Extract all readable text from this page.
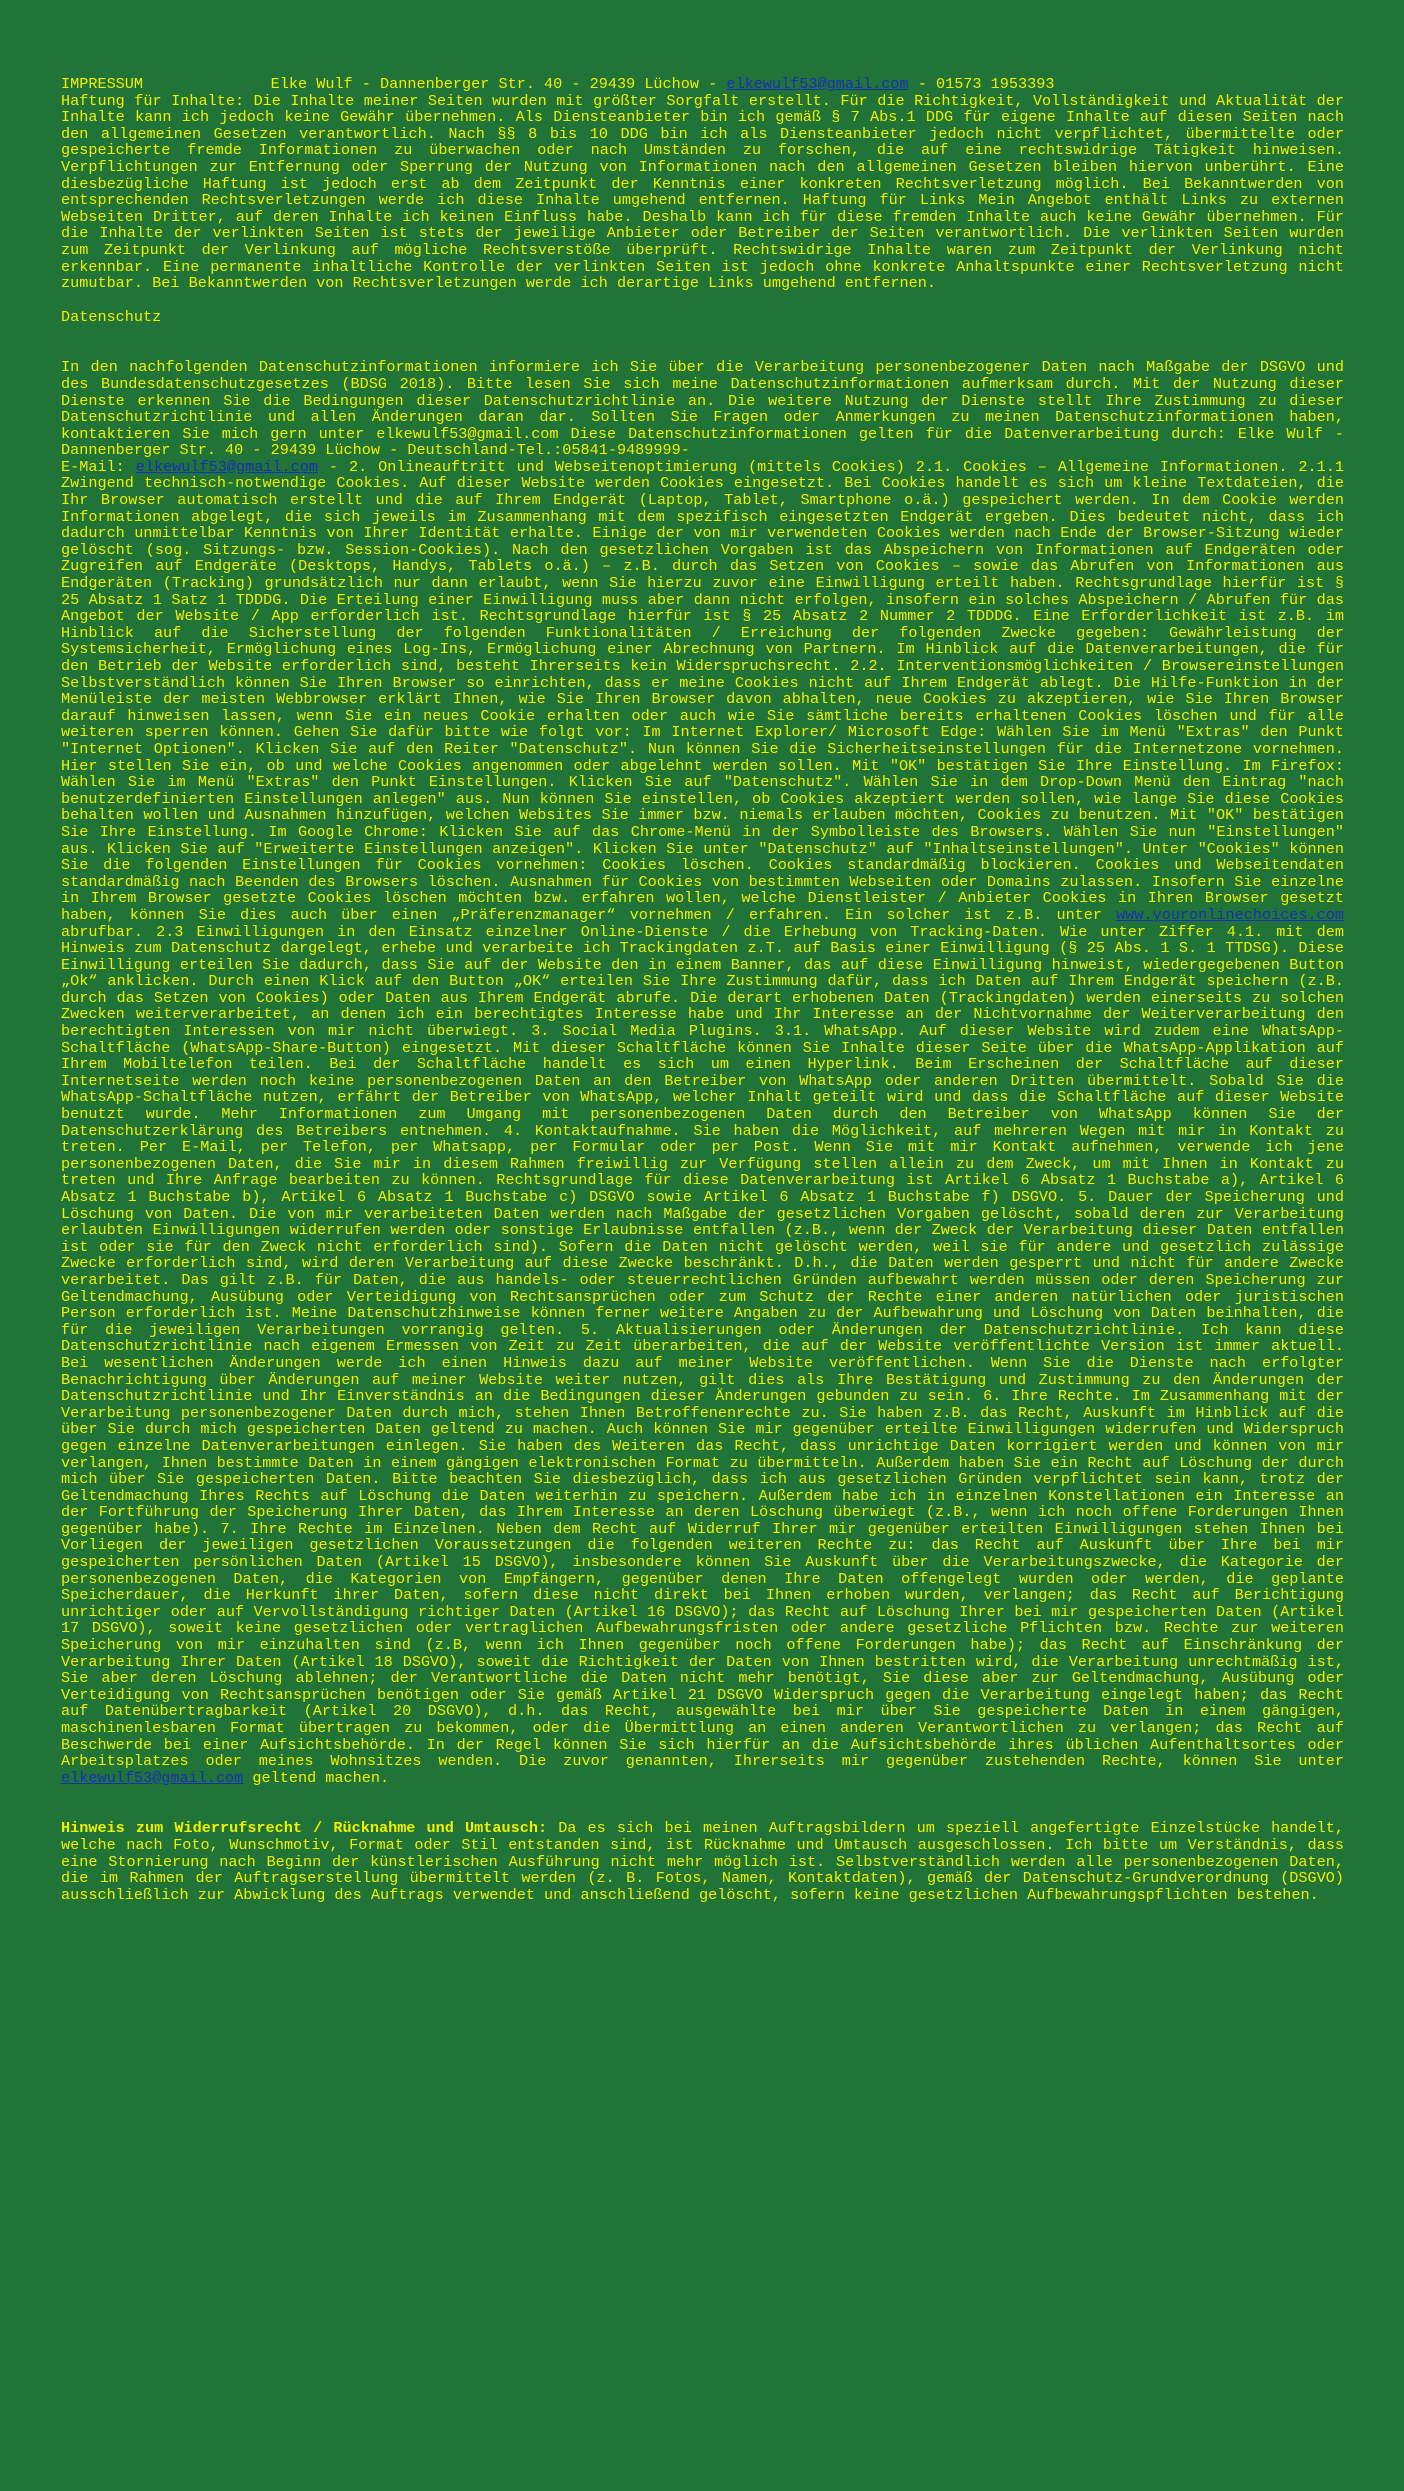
IMPRESSUM	Elke Wulf - Dannenberger Str. 40 - 29439 Lüchow - elkewulf53@gmail.com - 01573 1953393

Haftung für Inhalte: Die Inhalte meiner Seiten wurden mit größter Sorgfalt erstellt. Für die Richtigkeit, Vollständigkeit und Aktualität der Inhalte kann ich jedoch keine Gewähr übernehmen. Als Diensteanbieter bin ich gemäß § 7 Abs.1 DDG für eigene Inhalte auf diesen Seiten nach den allgemeinen Gesetzen verantwortlich. Nach §§ 8 bis 10 DDG bin ich als Diensteanbieter jedoch nicht verpflichtet, übermittelte oder gespeicherte fremde Informationen zu überwachen oder nach Umständen zu forschen, die auf eine rechtswidrige Tätigkeit hinweisen. Verpflichtungen zur Entfernung oder Sperrung der Nutzung von Informationen nach den allgemeinen Gesetzen bleiben hiervon unberührt. Eine diesbezügliche Haftung ist jedoch erst ab dem Zeitpunkt der Kenntnis einer konkreten Rechtsverletzung möglich. Bei Bekanntwerden von entsprechenden Rechtsverletzungen werde ich diese Inhalte umgehend entfernen. Haftung für Links Mein Angebot enthält Links zu externen Webseiten Dritter, auf deren Inhalte ich keinen Einfluss habe. Deshalb kann ich für diese fremden Inhalte auch keine Gewähr übernehmen. Für die Inhalte der verlinkten Seiten ist stets der jeweilige Anbieter oder Betreiber der Seiten verantwortlich. Die verlinkten Seiten wurden zum Zeitpunkt der Verlinkung auf mögliche Rechtsverstöße überprüft. Rechtswidrige Inhalte waren zum Zeitpunkt der Verlinkung nicht erkennbar. Eine permanente inhaltliche Kontrolle der verlinkten Seiten ist jedoch ohne konkrete Anhaltspunkte einer Rechtsverletzung nicht zumutbar. Bei Bekanntwerden von Rechtsverletzungen werde ich derartige Links umgehend entfernen.

Datenschutz

In den nachfolgenden Datenschutzinformationen informiere ich Sie über die Verarbeitung personenbezogener Daten nach Maßgabe der DSGVO und des Bundesdatenschutzgesetzes (BDSG 2018). Bitte lesen Sie sich meine Datenschutzinformationen aufmerksam durch. Mit der Nutzung dieser Dienste erkennen Sie die Bedingungen dieser Datenschutzrichtlinie an. Die weitere Nutzung der Dienste stellt Ihre Zustimmung zu dieser Datenschutzrichtlinie und allen Änderungen daran dar. Sollten Sie Fragen oder Anmerkungen zu meinen Datenschutzinformationen haben, kontaktieren Sie mich gern unter elkewulf53@gmail.com Diese Datenschutzinformationen gelten für die Datenverarbeitung durch: Elke Wulf - Dannenberger Str. 40 - 29439 Lüchow - Deutschland-Tel.:05841-9489999-

E-Mail: elkewulf53@gmail.com - 2. Onlineauftritt und Webseitenoptimierung (mittels Cookies) 2.1. Cookies – Allgemeine Informationen. 2.1.1 Zwingend technisch-notwendige Cookies. Auf dieser Website werden Cookies eingesetzt. Bei Cookies handelt es sich um kleine Textdateien, die Ihr Browser automatisch erstellt und die auf Ihrem Endgerät (Laptop, Tablet, Smartphone o.ä.) gespeichert werden. In dem Cookie werden Informationen abgelegt, die sich jeweils im Zusammenhang mit dem spezifisch eingesetzten Endgerät ergeben. Dies bedeutet nicht, dass ich dadurch unmittelbar Kenntnis von Ihrer Identität erhalte. Einige der von mir verwendeten Cookies werden nach Ende der Browser-Sitzung wieder gelöscht (sog. Sitzungs- bzw. Session-Cookies). Nach den gesetzlichen Vorgaben ist das Abspeichern von Informationen auf Endgeräten oder Zugreifen auf Endgeräte (Desktops, Handys, Tablets o.ä.) – z.B. durch das Setzen von Cookies – sowie das Abrufen von Informationen aus Endgeräten (Tracking) grundsätzlich nur dann erlaubt, wenn Sie hierzu zuvor eine Einwilligung erteilt haben. Rechtsgrundlage hierfür ist § 25 Absatz 1 Satz 1 TDDDG. Die Erteilung einer Einwilligung muss aber dann nicht erfolgen, insofern ein solches Abspeichern / Abrufen für das Angebot der Website / App erforderlich ist. Rechtsgrundlage hierfür ist § 25 Absatz 2 Nummer 2 TDDDG. Eine Erforderlichkeit ist z.B. im Hinblick auf die Sicherstellung der folgenden Funktionalitäten / Erreichung der folgenden Zwecke gegeben: Gewährleistung der Systemsicherheit, Ermöglichung eines Log-Ins, Ermöglichung einer Abrechnung von Partnern. Im Hinblick auf die Datenverarbeitungen, die für den Betrieb der Website erforderlich sind, besteht Ihrerseits kein Widerspruchsrecht. 2.2. Interventionsmöglichkeiten / Browsereinstellungen Selbstverständlich können Sie Ihren Browser so einrichten, dass er meine Cookies nicht auf Ihrem Endgerät ablegt. Die Hilfe-Funktion in der Menüleiste der meisten Webbrowser erklärt Ihnen, wie Sie Ihren Browser davon abhalten, neue Cookies zu akzeptieren, wie Sie Ihren Browser darauf hinweisen lassen, wenn Sie ein neues Cookie erhalten oder auch wie Sie sämtliche bereits erhaltenen Cookies löschen und für alle weiteren sperren können. Gehen Sie dafür bitte wie folgt vor: Im Internet Explorer/ Microsoft Edge: Wählen Sie im Menü "Extras" den Punkt "Internet Optionen". Klicken Sie auf den Reiter "Datenschutz". Nun können Sie die Sicherheitseinstellungen für die Internetzone vornehmen. Hier stellen Sie ein, ob und welche Cookies angenommen oder abgelehnt werden sollen. Mit "OK" bestätigen Sie Ihre Einstellung. Im Firefox: Wählen Sie im Menü "Extras" den Punkt Einstellungen. Klicken Sie auf "Datenschutz". Wählen Sie in dem Drop-Down Menü den Eintrag "nach benutzerdefinierten Einstellungen anlegen" aus. Nun können Sie einstellen, ob Cookies akzeptiert werden sollen, wie lange Sie diese Cookies behalten wollen und Ausnahmen hinzufügen, welchen Websites Sie immer bzw. niemals erlauben möchten, Cookies zu benutzen. Mit "OK" bestätigen Sie Ihre Einstellung. Im Google Chrome: Klicken Sie auf das Chrome-Menü in der Symbolleiste des Browsers. Wählen Sie nun "Einstellungen" aus. Klicken Sie auf "Erweiterte Einstellungen anzeigen". Klicken Sie unter "Datenschutz" auf "Inhaltseinstellungen". Unter "Cookies" können Sie die folgenden Einstellungen für Cookies vornehmen: Cookies löschen. Cookies standardmäßig blockieren. Cookies und Webseitendaten standardmäßig nach Beenden des Browsers löschen. Ausnahmen für Cookies von bestimmten Webseiten oder Domains zulassen. Insofern Sie einzelne in Ihrem Browser gesetzte Cookies löschen möchten bzw. erfahren wollen, welche Dienstleister / Anbieter Cookies in Ihren Browser gesetzt haben, können Sie dies auch über einen „Präferenzmanager“ vornehmen / erfahren. Ein solcher ist z.B. unter www.youronlinechoices.com abrufbar. 2.3 Einwilligungen in den Einsatz einzelner Online-Dienste / die Erhebung von Tracking-Daten. Wie unter Ziffer 4.1. mit dem Hinweis zum Datenschutz dargelegt, erhebe und verarbeite ich Trackingdaten z.T. auf Basis einer Einwilligung (§ 25 Abs. 1 S. 1 TTDSG). Diese Einwilligung erteilen Sie dadurch, dass Sie auf der Website den in einem Banner, das auf diese Einwilligung hinweist, wiedergegebenen Button „Ok“ anklicken. Durch einen Klick auf den Button „OK“ erteilen Sie Ihre Zustimmung dafür, dass ich Daten auf Ihrem Endgerät speichern (z.B. durch das Setzen von Cookies) oder Daten aus Ihrem Endgerät abrufe. Die derart erhobenen Daten (Trackingdaten) werden einerseits zu solchen Zwecken weiterverarbeitet, an denen ich ein berechtigtes Interesse habe und Ihr Interesse an der Nichtvornahme der Weiterverarbeitung den berechtigten Interessen von mir nicht überwiegt. 3. Social Media Plugins. 3.1. WhatsApp. Auf dieser Website wird zudem eine WhatsApp-Schaltfläche (WhatsApp-Share-Button) eingesetzt. Mit dieser Schaltfläche können Sie Inhalte dieser Seite über die WhatsApp-Applikation auf Ihrem Mobiltelefon teilen. Bei der Schaltfläche handelt es sich um einen Hyperlink. Beim Erscheinen der Schaltfläche auf dieser Internetseite werden noch keine personenbezogenen Daten an den Betreiber von WhatsApp oder anderen Dritten übermittelt. Sobald Sie die WhatsApp-Schaltfläche nutzen, erfährt der Betreiber von WhatsApp, welcher Inhalt geteilt wird und dass die Schaltfläche auf dieser Website benutzt wurde. Mehr Informationen zum Umgang mit personenbezogenen Daten durch den Betreiber von WhatsApp können Sie der Datenschutzerklärung des Betreibers entnehmen. 4. Kontaktaufnahme. Sie haben die Möglichkeit, auf mehreren Wegen mit mir in Kontakt zu treten. Per E-Mail, per Telefon, per Whatsapp, per Formular oder per Post. Wenn Sie mit mir Kontakt aufnehmen, verwende ich jene personenbezogenen Daten, die Sie mir in diesem Rahmen freiwillig zur Verfügung stellen allein zu dem Zweck, um mit Ihnen in Kontakt zu treten und Ihre Anfrage bearbeiten zu können. Rechtsgrundlage für diese Datenverarbeitung ist Artikel 6 Absatz 1 Buchstabe a), Artikel 6 Absatz 1 Buchstabe b), Artikel 6 Absatz 1 Buchstabe c) DSGVO sowie Artikel 6 Absatz 1 Buchstabe f) DSGVO. 5. Dauer der Speicherung und Löschung von Daten. Die von mir verarbeiteten Daten werden nach Maßgabe der gesetzlichen Vorgaben gelöscht, sobald deren zur Verarbeitung erlaubten Einwilligungen widerrufen werden oder sonstige Erlaubnisse entfallen (z.B., wenn der Zweck der Verarbeitung dieser Daten entfallen ist oder sie für den Zweck nicht erforderlich sind). Sofern die Daten nicht gelöscht werden, weil sie für andere und gesetzlich zulässige Zwecke erforderlich sind, wird deren Verarbeitung auf diese Zwecke beschränkt. D.h., die Daten werden gesperrt und nicht für andere Zwecke verarbeitet. Das gilt z.B. für Daten, die aus handels- oder steuerrechtlichen Gründen aufbewahrt werden müssen oder deren Speicherung zur Geltendmachung, Ausübung oder Verteidigung von Rechtsansprüchen oder zum Schutz der Rechte einer anderen natürlichen oder juristischen Person erforderlich ist. Meine Datenschutzhinweise können ferner weitere Angaben zu der Aufbewahrung und Löschung von Daten beinhalten, die für die jeweiligen Verarbeitungen vorrangig gelten. 5. Aktualisierungen oder Änderungen der Datenschutzrichtlinie. Ich kann diese Datenschutzrichtlinie nach eigenem Ermessen von Zeit zu Zeit überarbeiten, die auf der Website veröffentlichte Version ist immer aktuell. Bei wesentlichen Änderungen werde ich einen Hinweis dazu auf meiner Website veröffentlichen. Wenn Sie die Dienste nach erfolgter Benachrichtigung über Änderungen auf meiner Website weiter nutzen, gilt dies als Ihre Bestätigung und Zustimmung zu den Änderungen der Datenschutzrichtlinie und Ihr Einverständnis an die Bedingungen dieser Änderungen gebunden zu sein. 6. Ihre Rechte. Im Zusammenhang mit der Verarbeitung personenbezogener Daten durch mich, stehen Ihnen Betroffenenrechte zu. Sie haben z.B. das Recht, Auskunft im Hinblick auf die über Sie durch mich gespeicherten Daten geltend zu machen. Auch können Sie mir gegenüber erteilte Einwilligungen widerrufen und Widerspruch gegen einzelne Datenverarbeitungen einlegen. Sie haben des Weiteren das Recht, dass unrichtige Daten korrigiert werden und können von mir verlangen, Ihnen bestimmte Daten in einem gängigen elektronischen Format zu übermitteln. Außerdem haben Sie ein Recht auf Löschung der durch mich über Sie gespeicherten Daten. Bitte beachten Sie diesbezüglich, dass ich aus gesetzlichen Gründen verpflichtet sein kann, trotz der Geltendmachung Ihres Rechts auf Löschung die Daten weiterhin zu speichern. Außerdem habe ich in einzelnen Konstellationen ein Interesse an der Fortführung der Speicherung Ihrer Daten, das Ihrem Interesse an deren Löschung überwiegt (z.B., wenn ich noch offene Forderungen Ihnen gegenüber habe). 7. Ihre Rechte im Einzelnen. Neben dem Recht auf Widerruf Ihrer mir gegenüber erteilten Einwilligungen stehen Ihnen bei Vorliegen der jeweiligen gesetzlichen Voraussetzungen die folgenden weiteren Rechte zu: das Recht auf Auskunft über Ihre bei mir gespeicherten persönlichen Daten (Artikel 15 DSGVO), insbesondere können Sie Auskunft über die Verarbeitungszwecke, die Kategorie der personenbezogenen Daten, die Kategorien von Empfängern, gegenüber denen Ihre Daten offengelegt wurden oder werden, die geplante Speicherdauer, die Herkunft ihrer Daten, sofern diese nicht direkt bei Ihnen erhoben wurden, verlangen; das Recht auf Berichtigung unrichtiger oder auf Vervollständigung richtiger Daten (Artikel 16 DSGVO); das Recht auf Löschung Ihrer bei mir gespeicherten Daten (Artikel 17 DSGVO), soweit keine gesetzlichen oder vertraglichen Aufbewahrungsfristen oder andere gesetzliche Pflichten bzw. Rechte zur weiteren Speicherung von mir einzuhalten sind (z.B, wenn ich Ihnen gegenüber noch offene Forderungen habe); das Recht auf Einschränkung der Verarbeitung Ihrer Daten (Artikel 18 DSGVO), soweit die Richtigkeit der Daten von Ihnen bestritten wird, die Verarbeitung unrechtmäßig ist, Sie aber deren Löschung ablehnen; der Verantwortliche die Daten nicht mehr benötigt, Sie diese aber zur Geltendmachung, Ausübung oder Verteidigung von Rechtsansprüchen benötigen oder Sie gemäß Artikel 21 DSGVO Widerspruch gegen die Verarbeitung eingelegt haben; das Recht auf Datenübertragbarkeit (Artikel 20 DSGVO), d.h. das Recht, ausgewählte bei mir über Sie gespeicherte Daten in einem gängigen, maschinenlesbaren Format übertragen zu bekommen, oder die Übermittlung an einen anderen Verantwortlichen zu verlangen; das Recht auf Beschwerde bei einer Aufsichtsbehörde. In der Regel können Sie sich hierfür an die Aufsichtsbehörde ihres üblichen Aufenthaltsortes oder Arbeitsplatzes oder meines Wohnsitzes wenden. Die zuvor genannten, Ihrerseits mir gegenüber zustehenden Rechte, können Sie unter elkewulf53@gmail.com geltend machen.

Hinweis zum Widerrufsrecht / Rücknahme und Umtausch: Da es sich bei meinen Auftragsbildern um speziell angefertigte Einzelstücke handelt, welche nach Foto, Wunschmotiv, Format oder Stil entstanden sind, ist Rücknahme und Umtausch ausgeschlossen. Ich bitte um Verständnis, dass eine Stornierung nach Beginn der künstlerischen Ausführung nicht mehr möglich ist. Selbstverständlich werden alle personenbezogenen Daten, die im Rahmen der Auftragserstellung übermittelt werden (z. B. Fotos, Namen, Kontaktdaten), gemäß der Datenschutz-Grundverordnung (DSGVO) ausschließlich zur Abwicklung des Auftrags verwendet und anschließend gelöscht, sofern keine gesetzlichen Aufbewahrungspflichten bestehen.
